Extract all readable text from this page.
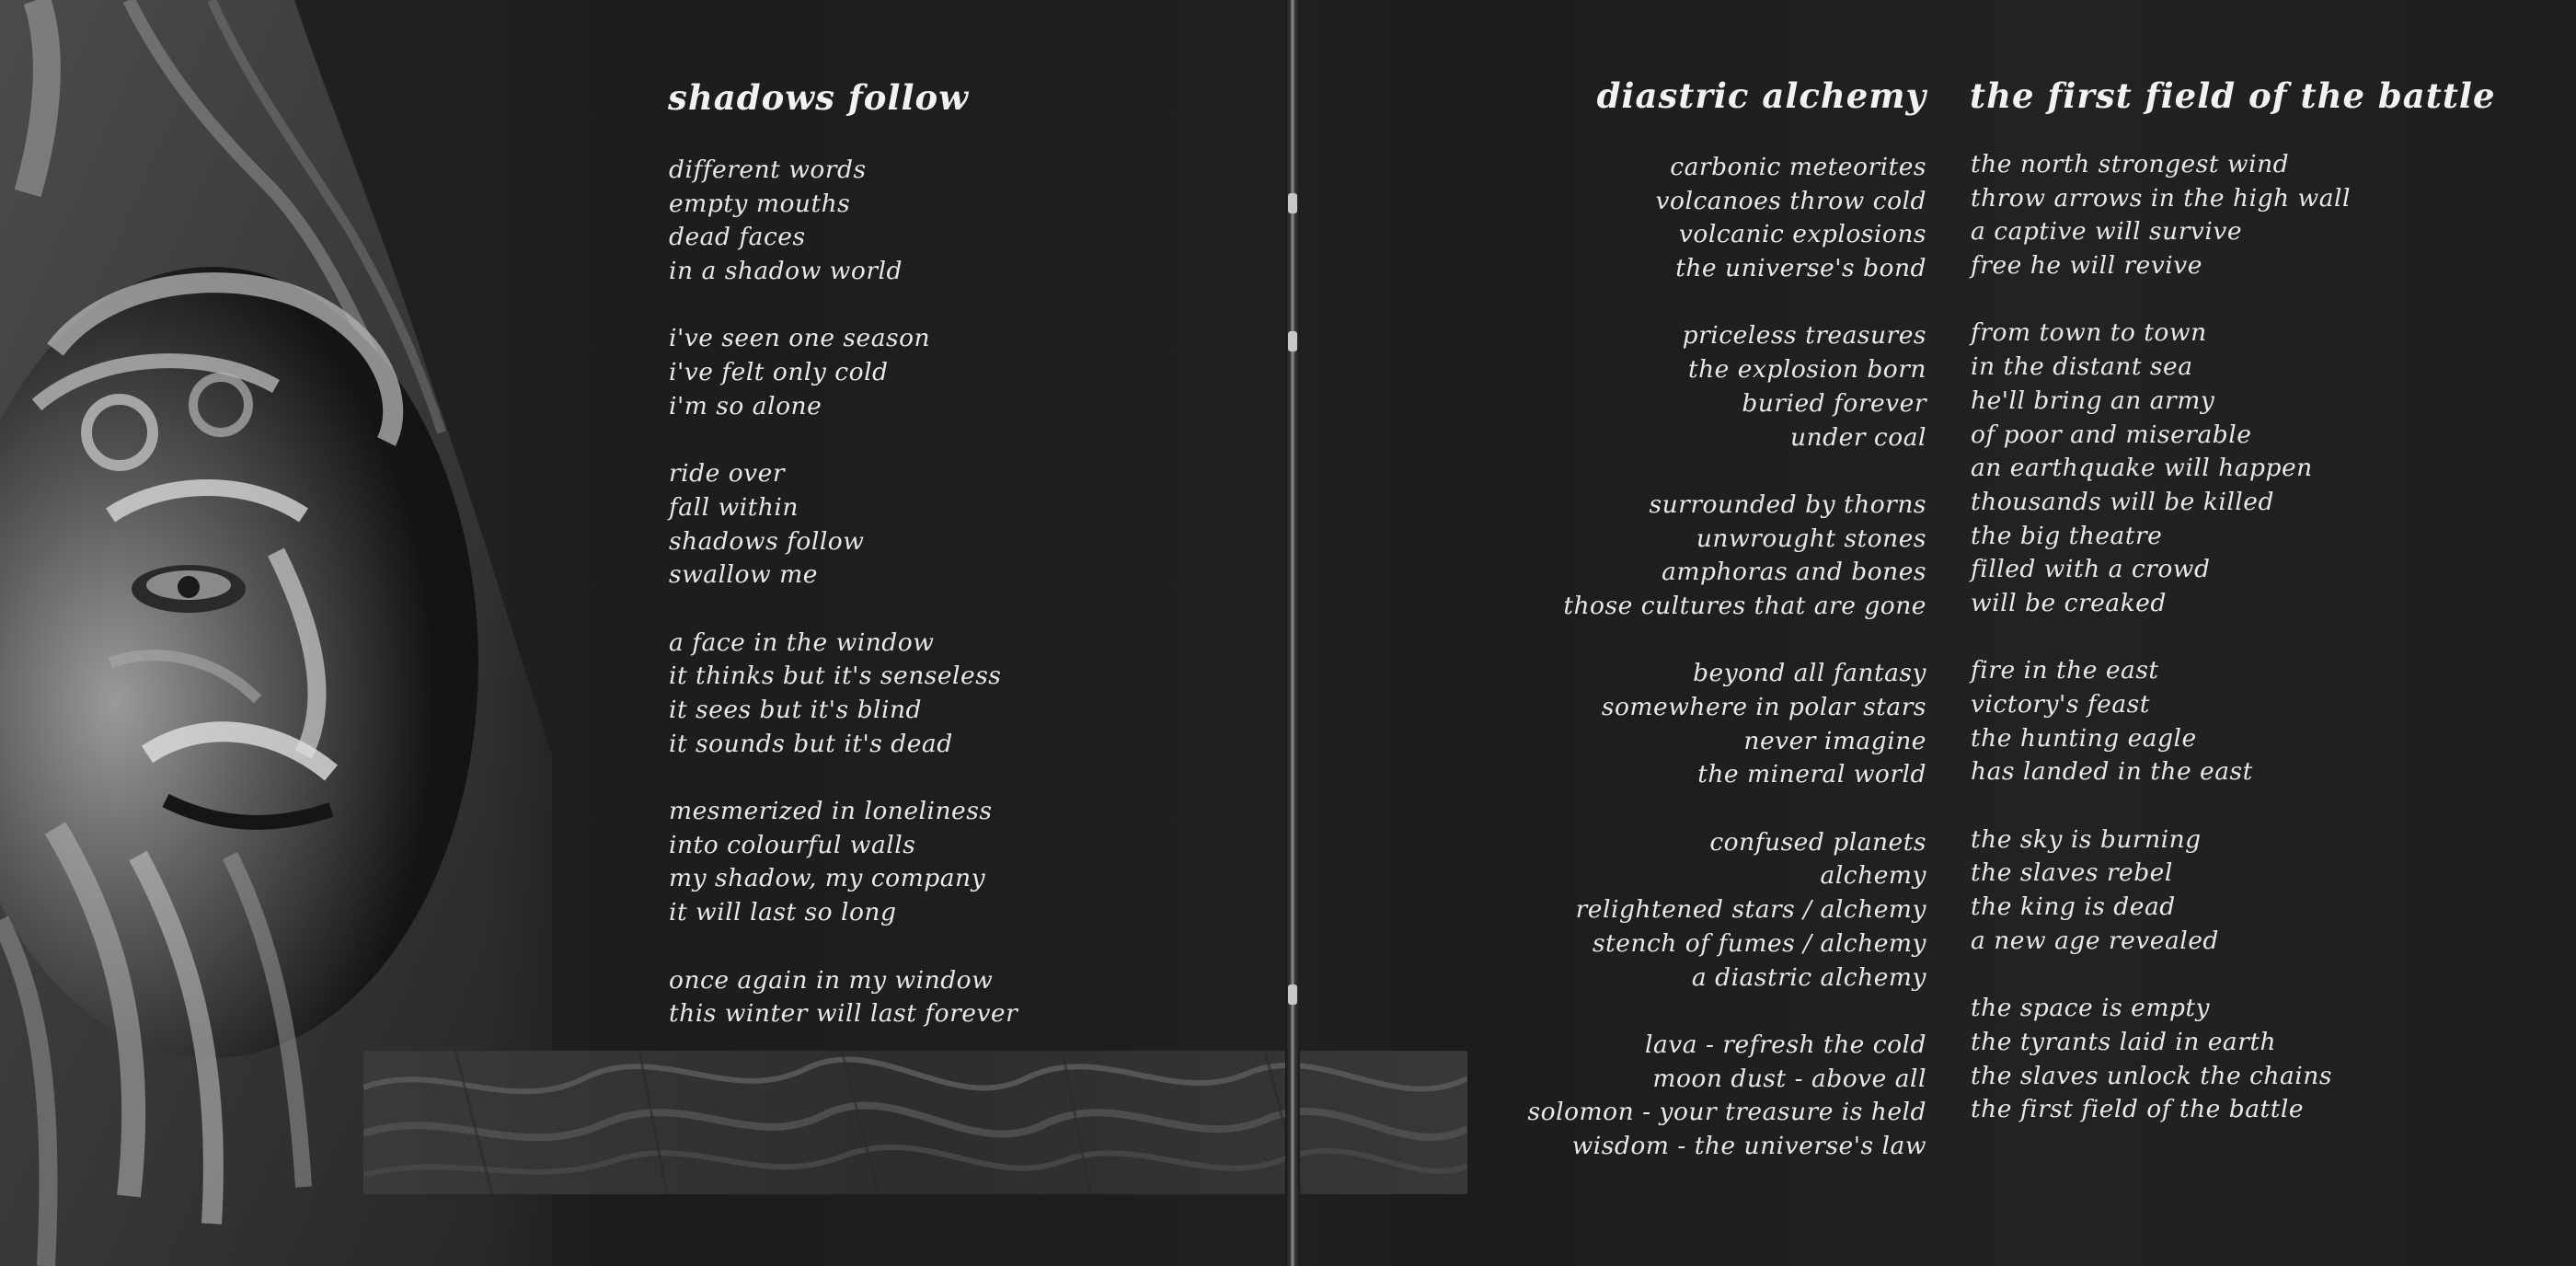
shadows follow
different words
empty mouths
dead faces
in a shadow world
i've seen one season
i've felt only cold
i'm so alone
ride over
fall within
shadows follow
swallow me
a face in the window
it thinks but it's senseless
it sees but it's blind
it sounds but it's dead
mesmerized in loneliness
into colourful walls
my shadow, my company
it will last so long
once again in my window
this winter will last forever
diastric alchemy
carbonic meteorites
volcanoes throw cold
volcanic explosions
the universe's bond
priceless treasures
the explosion born
buried forever
under coal
surrounded by thorns
unwrought stones
amphoras and bones
those cultures that are gone
beyond all fantasy
somewhere in polar stars
never imagine
the mineral world
confused planets
alchemy
relightened stars / alchemy
stench of fumes / alchemy
a diastric alchemy
lava - refresh the cold
moon dust - above all
solomon - your treasure is held
wisdom - the universe's law
the first field of the battle
the north strongest wind
throw arrows in the high wall
a captive will survive
free he will revive
from town to town
in the distant sea
he'll bring an army
of poor and miserable
an earthquake will happen
thousands will be killed
the big theatre
filled with a crowd
will be creaked
fire in the east
victory's feast
the hunting eagle
has landed in the east
the sky is burning
the slaves rebel
the king is dead
a new age revealed
the space is empty
the tyrants laid in earth
the slaves unlock the chains
the first field of the battle
